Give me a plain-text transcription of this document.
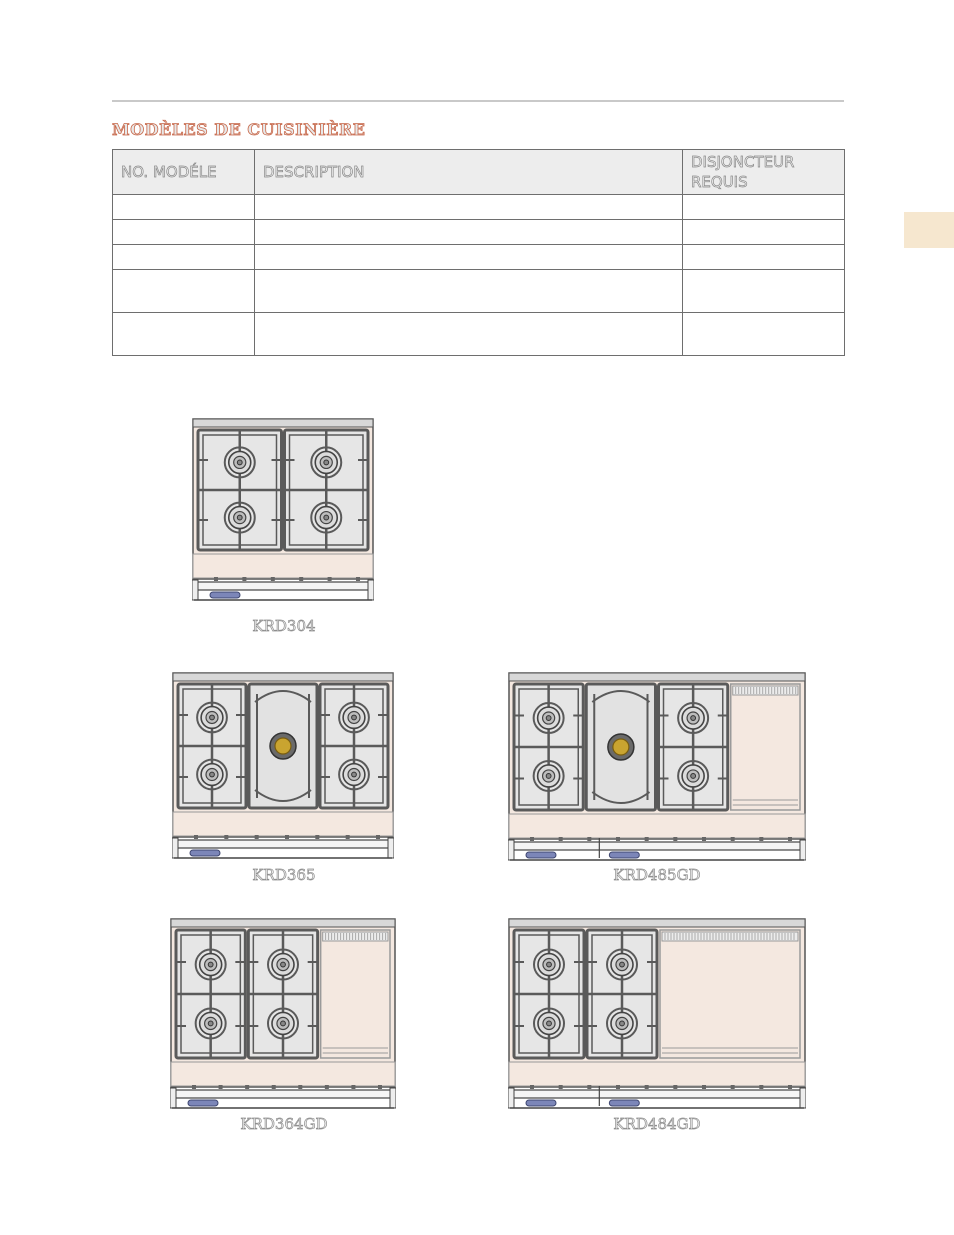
MODÈLES DE CUISINIÈRE
NO. MODÉLE	DESCRIPTION	DISJONCTEUR
REQUIS

KRD304
KRD365	KRD485GD
KRD364GD	KRD484GD
